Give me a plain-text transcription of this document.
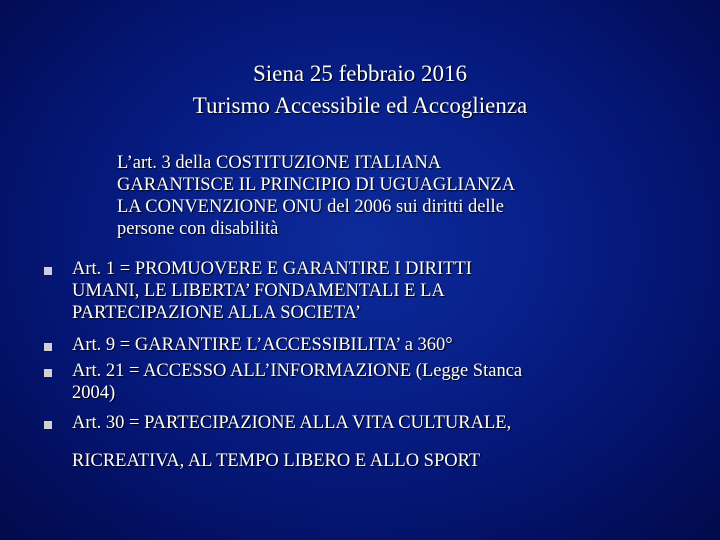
Siena 25 febbraio 2016
Turismo Accessibile ed Accoglienza
L’art. 3 della COSTITUZIONE ITALIANA
GARANTISCE IL PRINCIPIO DI UGUAGLIANZA
LA CONVENZIONE ONU del 2006 sui diritti delle
persone con disabilità
Art. 1 = PROMUOVERE E GARANTIRE I DIRITTI
UMANI, LE LIBERTA’ FONDAMENTALI E LA
PARTECIPAZIONE ALLA SOCIETA’
Art. 9 = GARANTIRE L’ACCESSIBILITA’ a 360°
Art. 21 = ACCESSO ALL’INFORMAZIONE (Legge Stanca
2004)
Art. 30 = PARTECIPAZIONE ALLA VITA CULTURALE,
RICREATIVA, AL TEMPO LIBERO E ALLO SPORT
